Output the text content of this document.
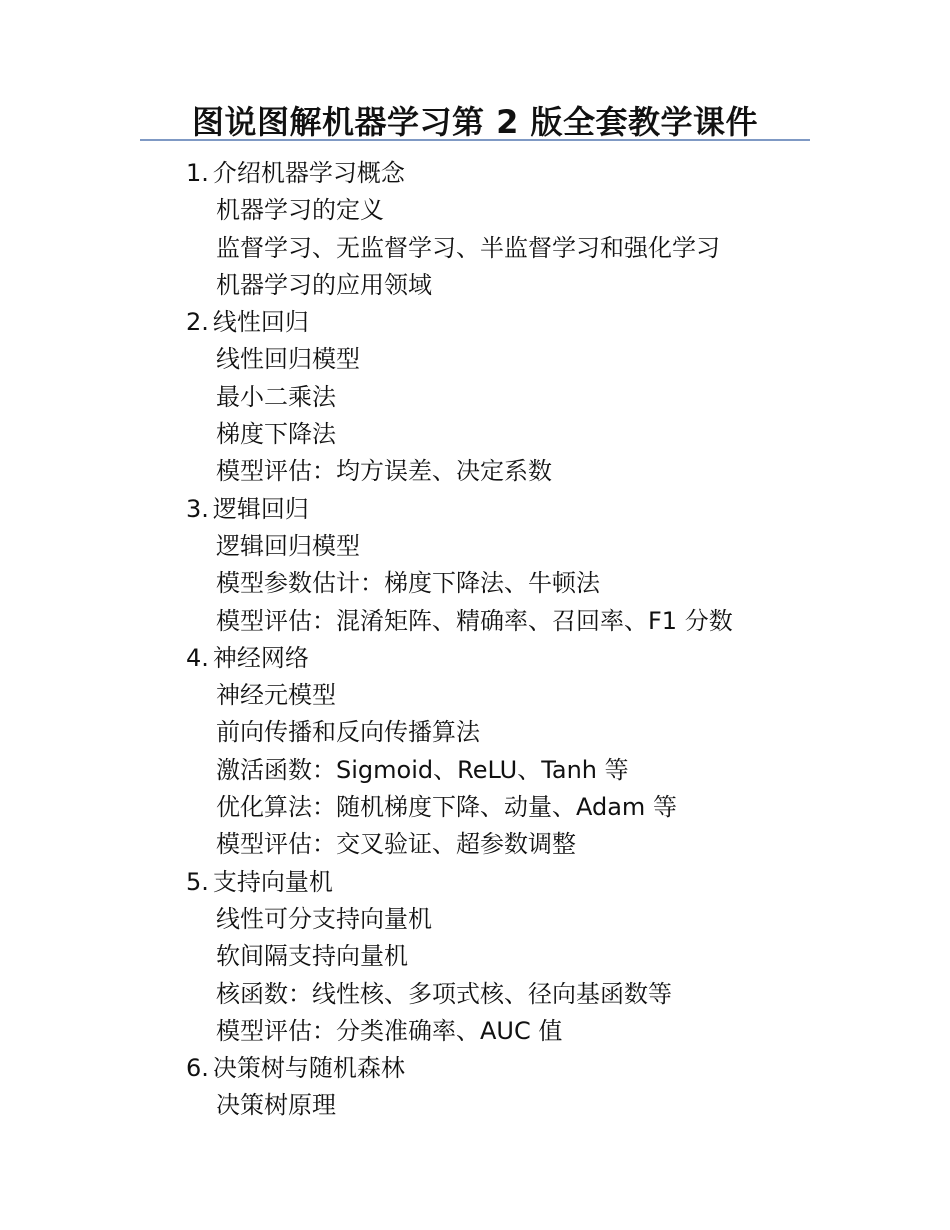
图说图解机器学习第 2 版全套教学课件
1. 介绍机器学习概念
机器学习的定义
监督学习、无监督学习、半监督学习和强化学习
机器学习的应用领域
2. 线性回归
线性回归模型
最小二乘法
梯度下降法
模型评估：均方误差、决定系数
3. 逻辑回归
逻辑回归模型
模型参数估计：梯度下降法、牛顿法
模型评估：混淆矩阵、精确率、召回率、F1 分数
4. 神经网络
神经元模型
前向传播和反向传播算法
激活函数：Sigmoid、ReLU、Tanh 等
优化算法：随机梯度下降、动量、Adam 等
模型评估：交叉验证、超参数调整
5. 支持向量机
线性可分支持向量机
软间隔支持向量机
核函数：线性核、多项式核、径向基函数等
模型评估：分类准确率、AUC 值
6. 决策树与随机森林
决策树原理
